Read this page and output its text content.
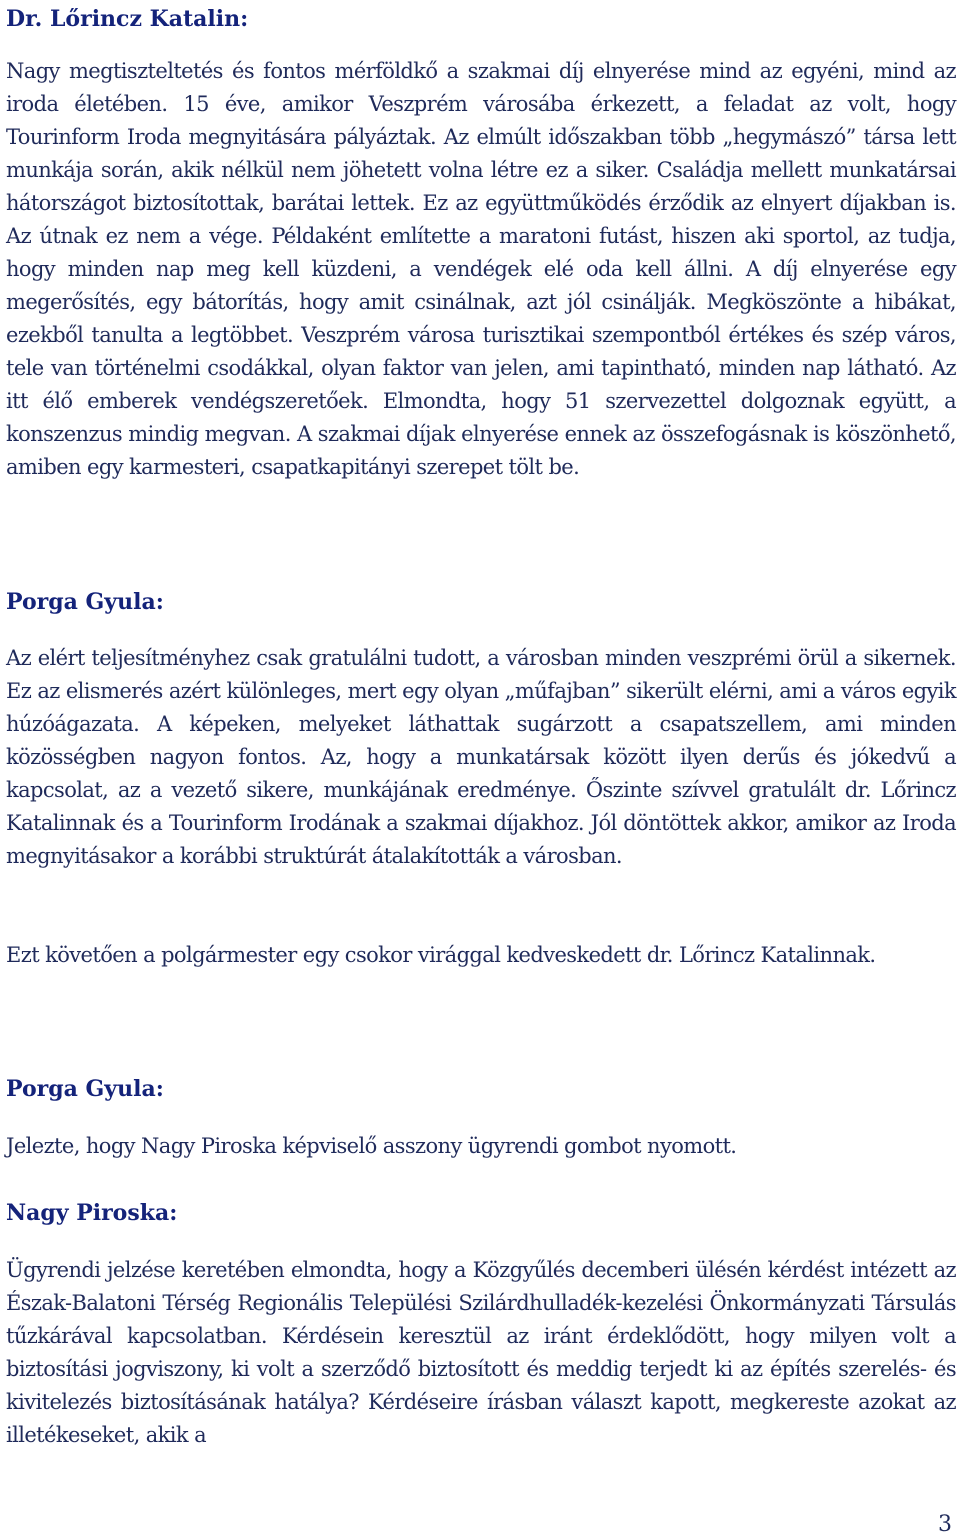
Dr. Lőrincz Katalin:

Nagy megtiszteltetés és fontos mérföldkő a szakmai díj elnyerése mind az egyéni, mind az iroda életében. 15 éve, amikor Veszprém városába érkezett, a feladat az volt, hogy Tourinform Iroda megnyitására pályáztak. Az elmúlt időszakban több „hegymászó” társa lett munkája során, akik nélkül nem jöhetett volna létre ez a siker. Családja mellett munkatársai hátországot biztosítottak, barátai lettek. Ez az együttműködés érződik az elnyert díjakban is. Az útnak ez nem a vége. Példaként említette a maratoni futást, hiszen aki sportol, az tudja, hogy minden nap meg kell küzdeni, a vendégek elé oda kell állni. A díj elnyerése egy megerősítés, egy bátorítás, hogy amit csinálnak, azt jól csinálják. Megköszönte a hibákat, ezekből tanulta a legtöbbet. Veszprém városa turisztikai szempontból értékes és szép város, tele van történelmi csodákkal, olyan faktor van jelen, ami tapintható, minden nap látható. Az itt élő emberek vendégszeretőek. Elmondta, hogy 51 szervezettel dolgoznak együtt, a konszenzus mindig megvan. A szakmai díjak elnyerése ennek az összefogásnak is köszönhető, amiben egy karmesteri, csapatkapitányi szerepet tölt be.

Porga Gyula:

Az elért teljesítményhez csak gratulálni tudott, a városban minden veszprémi örül a sikernek. Ez az elismerés azért különleges, mert egy olyan „műfajban” sikerült elérni, ami a város egyik húzóágazata. A képeken, melyeket láthattak sugárzott a csapatszellem, ami minden közösségben nagyon fontos. Az, hogy a munkatársak között ilyen derűs és jókedvű a kapcsolat, az a vezető sikere, munkájának eredménye. Őszinte szívvel gratulált dr. Lőrincz Katalinnak és a Tourinform Irodának a szakmai díjakhoz. Jól döntöttek akkor, amikor az Iroda megnyitásakor a korábbi struktúrát átalakították a városban.

Ezt követően a polgármester egy csokor virággal kedveskedett dr. Lőrincz Katalinnak.

Porga Gyula:

Jelezte, hogy Nagy Piroska képviselő asszony ügyrendi gombot nyomott.

Nagy Piroska:

Ügyrendi jelzése keretében elmondta, hogy a Közgyűlés decemberi ülésén kérdést intézett az Észak-Balatoni Térség Regionális Települési Szilárdhulladék-kezelési Önkormányzati Társulás tűzkárával kapcsolatban. Kérdésein keresztül az iránt érdeklődött, hogy milyen volt a biztosítási jogviszony, ki volt a szerződő biztosított és meddig terjedt ki az építés szerelés- és kivitelezés biztosításának hatálya? Kérdéseire írásban választ kapott, megkereste azokat az illetékeseket, akik a

3
